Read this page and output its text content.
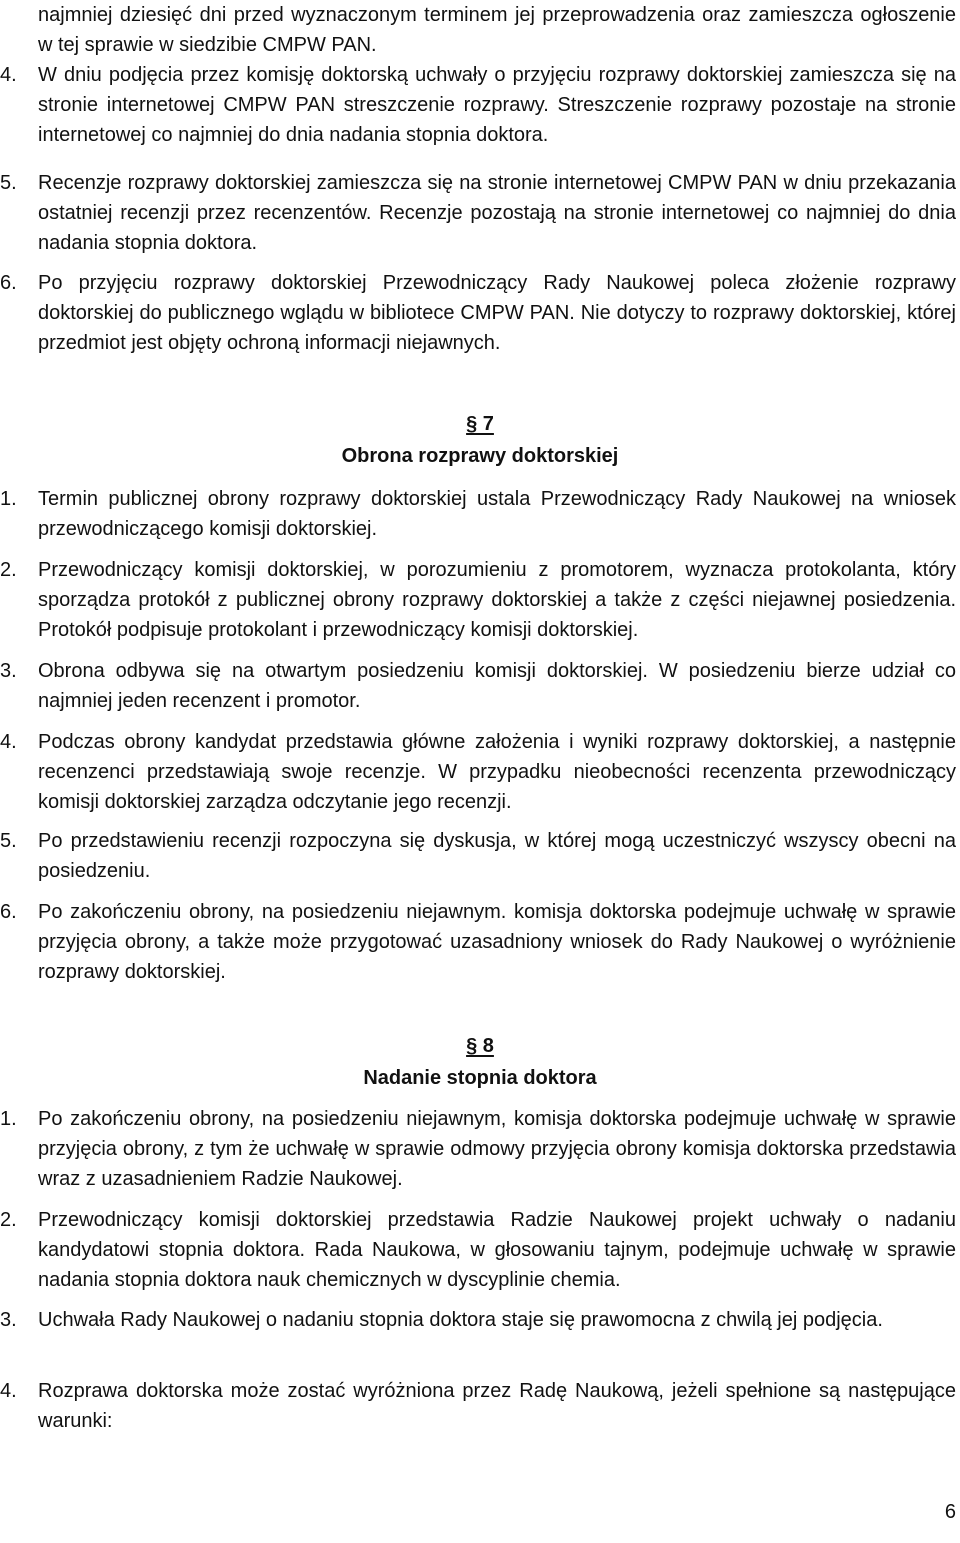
najmniej dziesięć dni przed wyznaczonym terminem jej przeprowadzenia oraz zamieszcza ogłoszenie w tej sprawie w siedzibie CMPW PAN.
4.	W dniu podjęcia przez komisję doktorską uchwały o przyjęciu rozprawy doktorskiej zamieszcza się na stronie internetowej CMPW PAN streszczenie rozprawy. Streszczenie rozprawy pozostaje na stronie internetowej co najmniej do dnia nadania stopnia doktora.
5.	Recenzje rozprawy doktorskiej zamieszcza się na stronie internetowej CMPW PAN w dniu przekazania ostatniej recenzji przez recenzentów. Recenzje pozostają na stronie internetowej co najmniej do dnia nadania stopnia doktora.
6.	Po przyjęciu rozprawy doktorskiej Przewodniczący Rady Naukowej poleca złożenie rozprawy doktorskiej do publicznego wglądu w bibliotece CMPW PAN. Nie dotyczy to rozprawy doktorskiej, której przedmiot jest objęty ochroną informacji niejawnych.
§ 7
Obrona rozprawy doktorskiej
1.	Termin publicznej obrony rozprawy doktorskiej ustala Przewodniczący Rady Naukowej na wniosek przewodniczącego komisji doktorskiej.
2.	Przewodniczący komisji doktorskiej, w porozumieniu z promotorem, wyznacza protokolanta, który sporządza protokół z publicznej obrony rozprawy doktorskiej a także z części niejawnej posiedzenia. Protokół podpisuje protokolant i przewodniczący komisji doktorskiej.
3.	Obrona odbywa się na otwartym posiedzeniu komisji doktorskiej. W posiedzeniu bierze udział co najmniej jeden recenzent i promotor.
4.	Podczas obrony kandydat przedstawia główne założenia i wyniki rozprawy doktorskiej, a następnie recenzenci przedstawiają swoje recenzje. W przypadku nieobecności recenzenta przewodniczący komisji doktorskiej zarządza odczytanie jego recenzji.
5.	Po przedstawieniu recenzji rozpoczyna się dyskusja, w której mogą uczestniczyć wszyscy obecni na posiedzeniu.
6.	Po zakończeniu obrony, na posiedzeniu niejawnym. komisja doktorska podejmuje uchwałę w sprawie przyjęcia obrony, a także może przygotować uzasadniony wniosek do Rady Naukowej o wyróżnienie rozprawy doktorskiej.
§ 8
Nadanie stopnia doktora
1.	Po zakończeniu obrony, na posiedzeniu niejawnym, komisja doktorska podejmuje uchwałę w sprawie przyjęcia obrony, z tym że uchwałę w sprawie odmowy przyjęcia obrony komisja doktorska przedstawia wraz z uzasadnieniem Radzie Naukowej.
2.	Przewodniczący komisji doktorskiej przedstawia Radzie Naukowej projekt uchwały o nadaniu kandydatowi stopnia doktora. Rada Naukowa, w głosowaniu tajnym, podejmuje uchwałę w sprawie nadania stopnia doktora nauk chemicznych w dyscyplinie chemia.
3.	Uchwała Rady Naukowej o nadaniu stopnia doktora staje się prawomocna z chwilą jej podjęcia.
4.	Rozprawa doktorska może zostać wyróżniona przez Radę Naukową, jeżeli spełnione są następujące warunki:
6
